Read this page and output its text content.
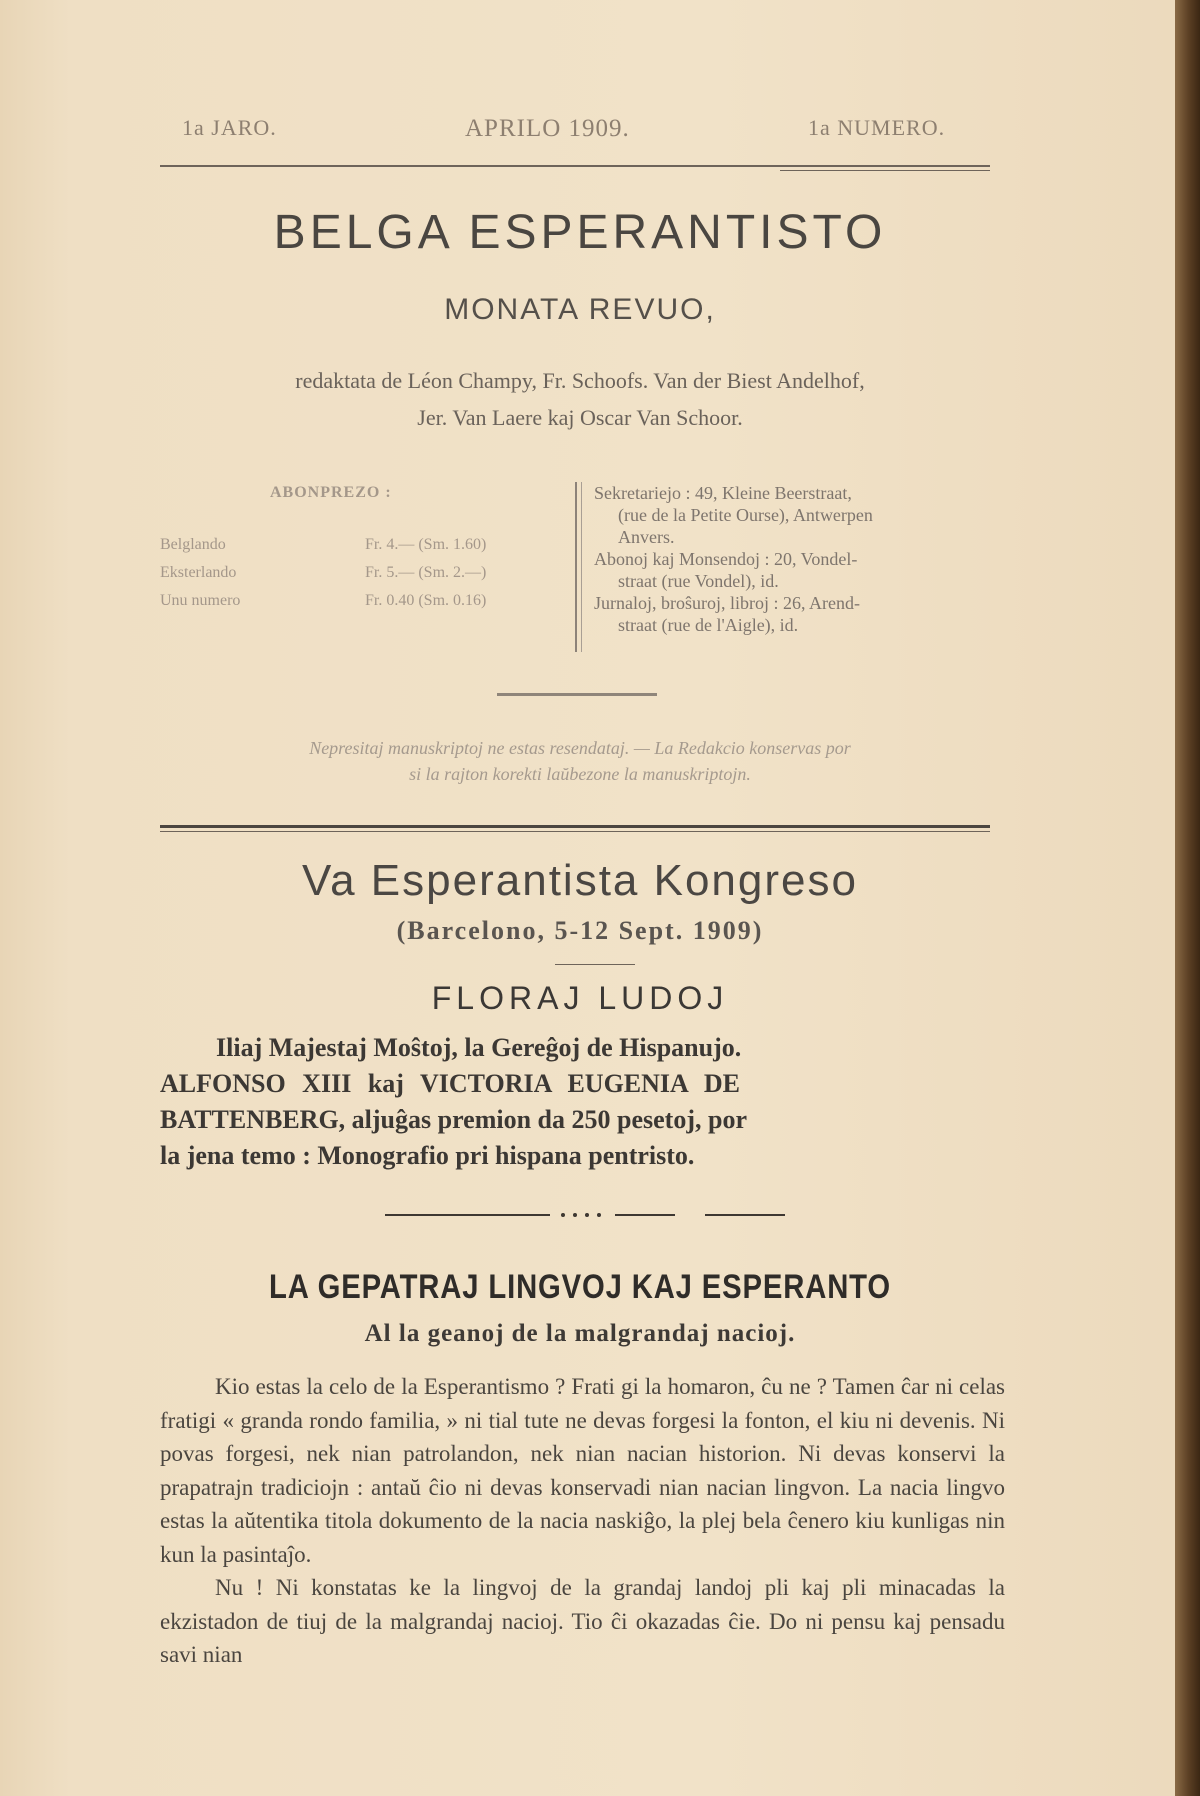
1a JARO.	APRILO 1909.	1a NUMERO.
BELGA ESPERANTISTO
MONATA REVUO,
redaktata de Léon Champy, Fr. Schoofs. Van der Biest Andelhof,
Jer. Van Laere kaj Oscar Van Schoor.
ABONPREZO :
Belglando	Fr. 4.— (Sm. 1.60)
Eksterlando	Fr. 5.— (Sm. 2.—)
Unu numero	Fr. 0.40 (Sm. 0.16)
Sekretariejo : 49, Kleine Beerstraat,
(rue de la Petite Ourse), Antwerpen
Anvers.
Abonoj kaj Monsendoj : 20, Vondel-
straat (rue Vondel), id.
Jurnaloj, broŝuroj, libroj : 26, Arend-
straat (rue de l'Aigle), id.
Nepresitaj manuskriptoj ne estas resendataj. — La Redakcio konservas por
si la rajton korekti laŭbezone la manuskriptojn.
Va Esperantista Kongreso
(Barcelono, 5-12 Sept. 1909)
FLORAJ LUDOJ
Iliaj Majestaj Moŝtoj, la Gereĝoj de Hispanujo.
ALFONSO XIII kaj VICTORIA EUGENIA DE
BATTENBERG, aljuĝas premion da 250 pesetoj, por
la jena temo : Monografio pri hispana pentristo.
LA GEPATRAJ LINGVOJ KAJ ESPERANTO
Al la geanoj de la malgrandaj nacioj.

Kio estas la celo de la Esperantismo ? Frati gi la homaron, ĉu ne ? Tamen ĉar ni celas fratigi « granda rondo familia, » ni tial tute ne devas forgesi la fonton, el kiu ni devenis. Ni povas forgesi, nek nian patrolandon, nek nian nacian historion. Ni devas konservi la prapatrajn tradiciojn : antaŭ ĉio ni devas konservadi nian nacian lingvon. La nacia lingvo estas la aŭtentika titola dokumento de la nacia naskiĝo, la plej bela ĉenero kiu kunligas nin kun la pasintaĵo.

Nu ! Ni konstatas ke la lingvoj de la grandaj landoj pli kaj pli minacadas la ekzistadon de tiuj de la malgrandaj nacioj. Tio ĉi okazadas ĉie. Do ni pensu kaj pensadu savi nian
